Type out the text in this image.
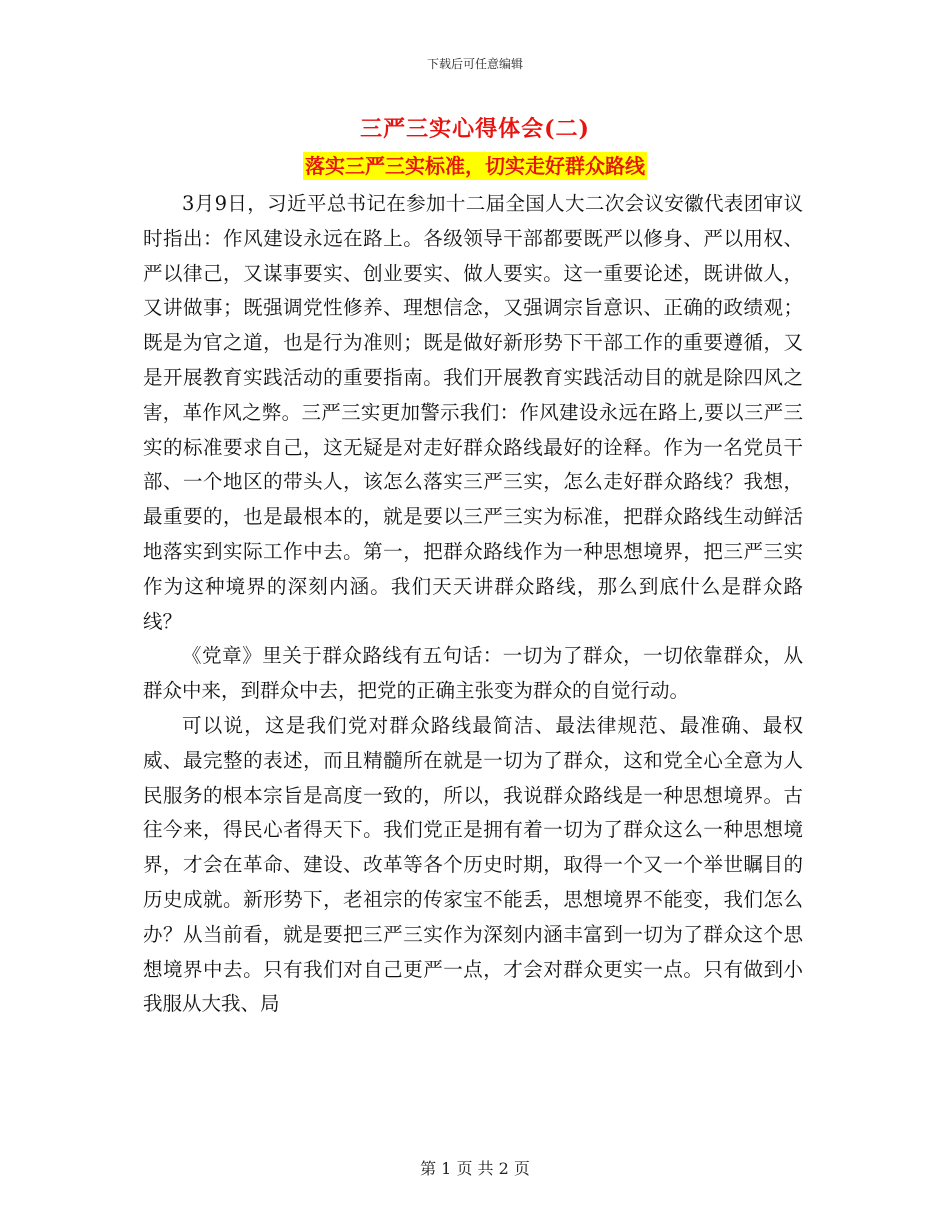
下载后可任意编辑
三严三实心得体会(二)
落实三严三实标准，切实走好群众路线

3月9日，习近平总书记在参加十二届全国人大二次会议安徽代表团审议时指出：作风建设永远在路上。各级领导干部都要既严以修身、严以用权、严以律己，又谋事要实、创业要实、做人要实。这一重要论述，既讲做人，又讲做事；既强调党性修养、理想信念，又强调宗旨意识、正确的政绩观；既是为官之道，也是行为准则；既是做好新形势下干部工作的重要遵循，又是开展教育实践活动的重要指南。我们开展教育实践活动目的就是除四风之害，革作风之弊。三严三实更加警示我们：作风建设永远在路上,要以三严三实的标准要求自己，这无疑是对走好群众路线最好的诠释。作为一名党员干部、一个地区的带头人，该怎么落实三严三实，怎么走好群众路线？我想，最重要的，也是最根本的，就是要以三严三实为标准，把群众路线生动鲜活地落实到实际工作中去。第一，把群众路线作为一种思想境界，把三严三实作为这种境界的深刻内涵。我们天天讲群众路线，那么到底什么是群众路线？

《党章》里关于群众路线有五句话：一切为了群众，一切依靠群众，从群众中来，到群众中去，把党的正确主张变为群众的自觉行动。

可以说，这是我们党对群众路线最简洁、最法律规范、最准确、最权威、最完整的表述，而且精髓所在就是一切为了群众，这和党全心全意为人民服务的根本宗旨是高度一致的，所以，我说群众路线是一种思想境界。古往今来，得民心者得天下。我们党正是拥有着一切为了群众这么一种思想境界，才会在革命、建设、改革等各个历史时期，取得一个又一个举世瞩目的历史成就。新形势下，老祖宗的传家宝不能丢，思想境界不能变，我们怎么办？从当前看，就是要把三严三实作为深刻内涵丰富到一切为了群众这个思想境界中去。只有我们对自己更严一点，才会对群众更实一点。只有做到小我服从大我、局

第 1 页 共 2 页
